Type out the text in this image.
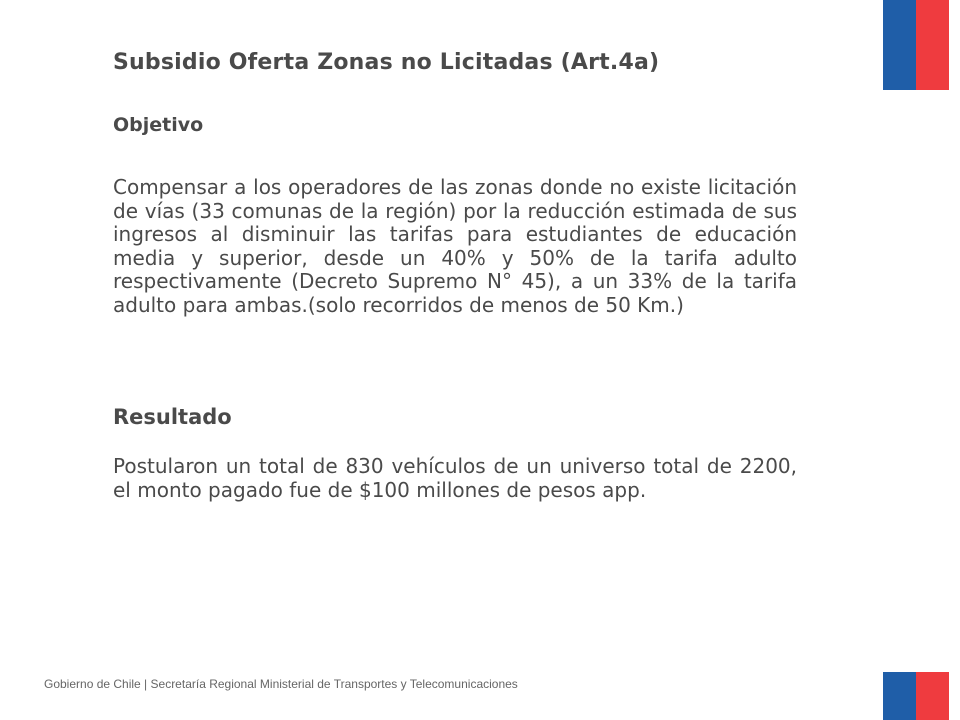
Subsidio Oferta Zonas no Licitadas (Art.4a)
Objetivo

Compensar a los operadores de las zonas donde no existe licitación de vías (33 comunas de la región) por la reducción estimada de sus ingresos al disminuir las tarifas para estudiantes de educación media y superior, desde un 40% y 50% de la tarifa adulto respectivamente (Decreto Supremo N° 45), a un 33% de la tarifa adulto para ambas.(solo recorridos de menos de 50 Km.)

Resultado

Postularon un total de 830 vehículos de un universo total de 2200, el monto pagado fue de $100 millones de pesos app.

Gobierno de Chile | Secretaría Regional Ministerial de Transportes y Telecomunicaciones
